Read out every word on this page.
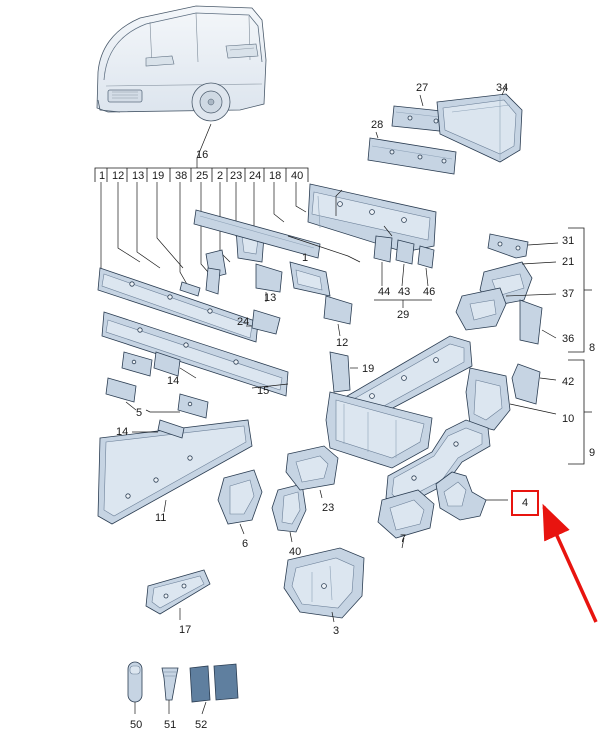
4
1 12 13 19 38 25 2 23 24 18 40
16
27	34
28
31
21
37
36
8
42
10
9
1
13
24
12
19
44 43 46
29
14
15
5
14
11
6
40
23
7
3
17
50 51 52
